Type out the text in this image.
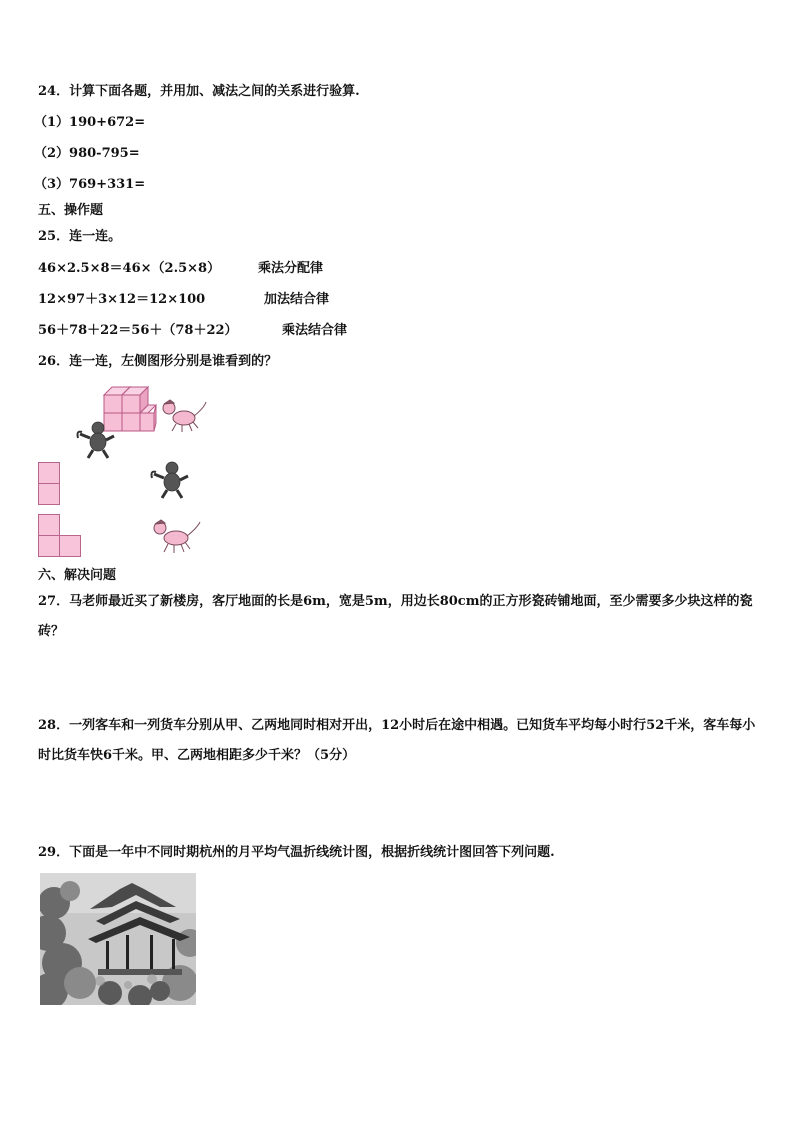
24．计算下面各题，并用加、减法之间的关系进行验算.
（1）190+672=
（2）980-795=
（3）769+331=
五、操作题
25．连一连。
46×2.5×8＝46×（2.5×8）	乘法分配律
12×97＋3×12＝12×100	加法结合律
56＋78＋22＝56＋（78＋22）	乘法结合律
26．连一连，左侧图形分别是谁看到的？
六、解决问题
27．马老师最近买了新楼房，客厅地面的长是6m，宽是5m，用边长80cm的正方形瓷砖铺地面，至少需要多少块这样的瓷砖？
28．一列客车和一列货车分别从甲、乙两地同时相对开出，12小时后在途中相遇。已知货车平均每小时行52千米，客车每小时比货车快6千米。甲、乙两地相距多少千米？（5分）
29．下面是一年中不同时期杭州的月平均气温折线统计图，根据折线统计图回答下列问题.
